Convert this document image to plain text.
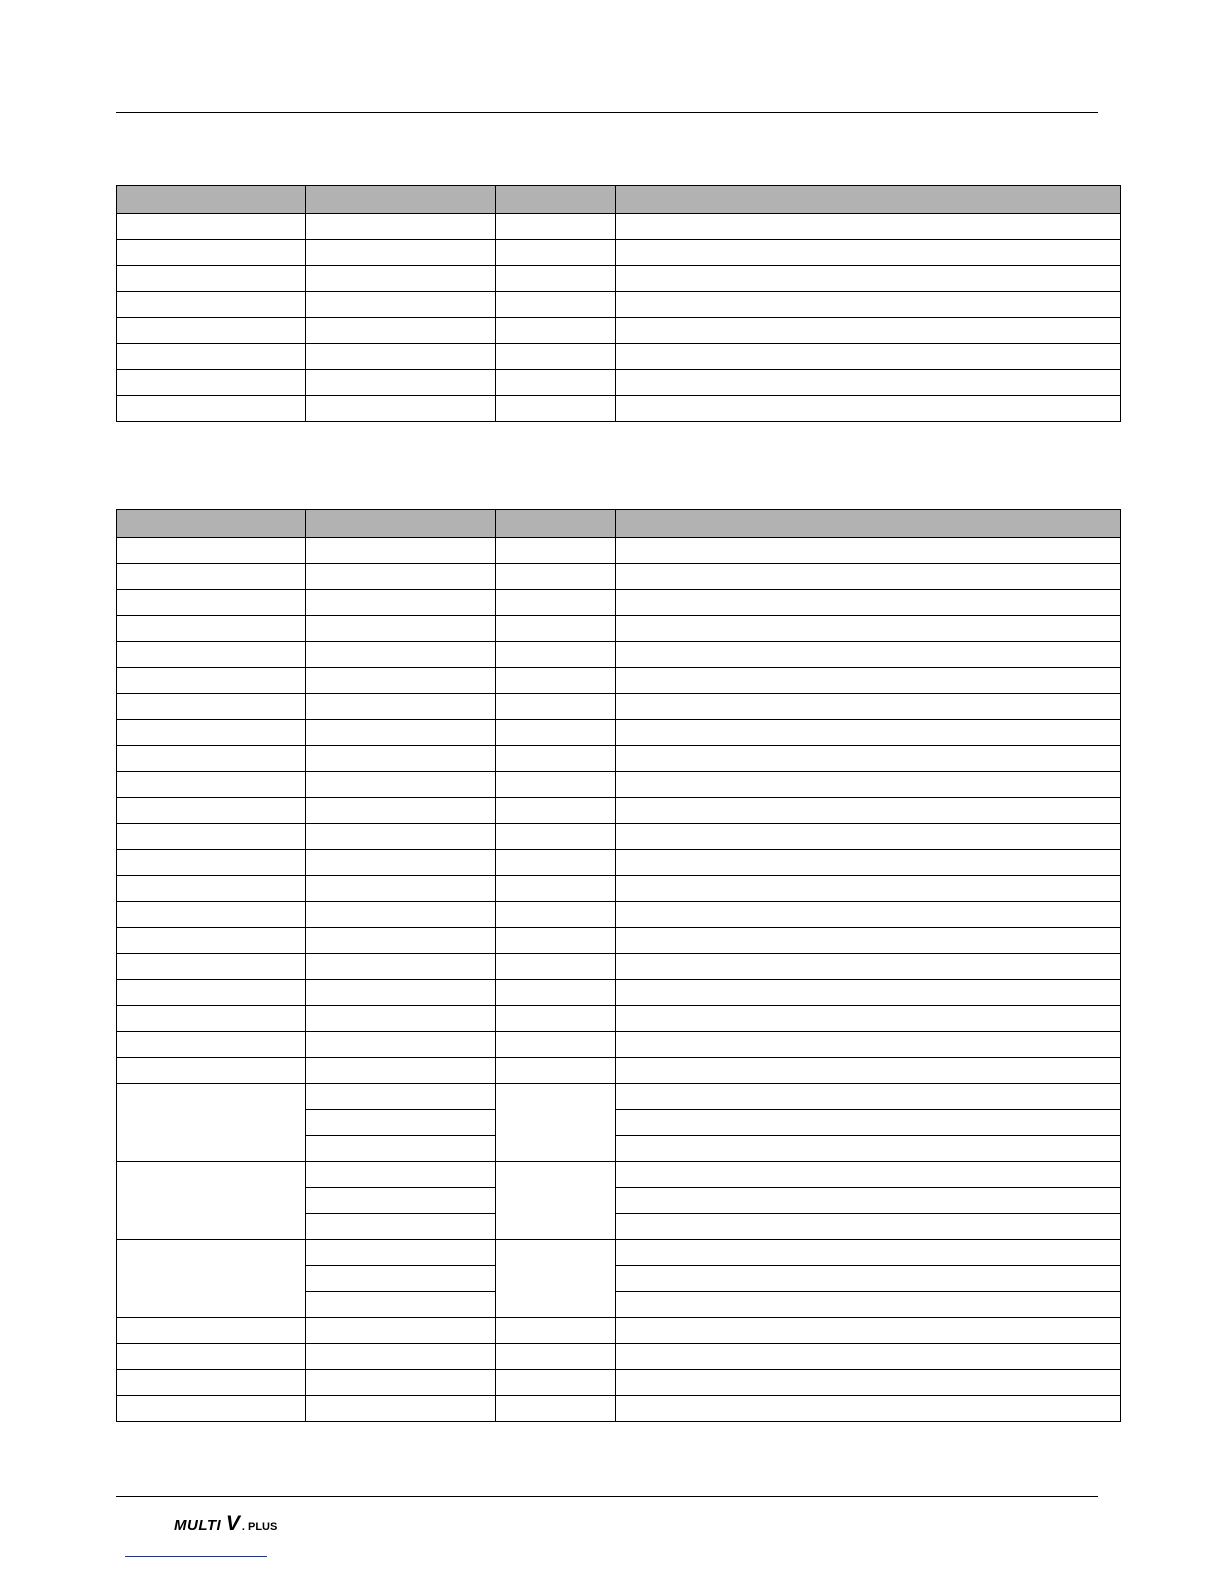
MULTI V . PLUS
